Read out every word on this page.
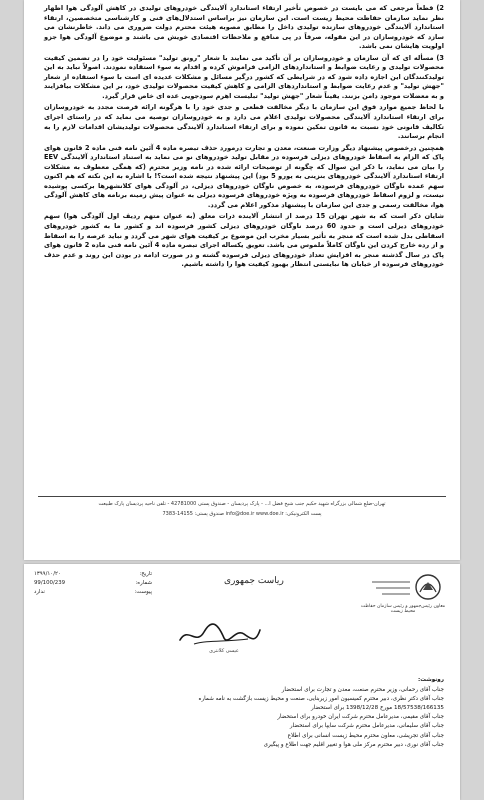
2) قطعاً مرجعی که می بایست در خصوص تأخیر ارتقاء استاندارد آلایندگی خودروهای تولیدی در کاهش آلودگی هوا اظهار نظر نماید سازمان حفاظت محیط زیست است. این سازمان نیز براساس استدلال‌های فنی و کارشناسی متخصصین، ارتقاء استاندارد آلایندگی خودروهای سازنده تولیدی داخل را مطابق مصوبه هیئت محترم دولت ضروری می داند. خاطرنشان می سازد که خودروسازان در این مقوله، صرفاً در پی منافع و ملاحظات اقتصادی خویش می باشند و موضوع آلودگی هوا جزو اولویت هایشان نمی باشد.

3) مسأله ای که آن سازمان و خودروسازان بر آن تأکید می نمایند با شعار "رونق تولید" مسئولیت خود را در تضمین کیفیت محصولات تولیدی و رعایت ضوابط و استانداردهای الزامی فراموش کرده و اقدام به سوء استفاده نمودند. اصولاً نباید به این تولیدکنندگان این اجازه داده شود که در شرایطی که کشور درگیر مسائل و مشکلات عدیده ای است با سوء استفاده از شعار "جهش تولید" و عدم رعایت ضوابط و استانداردهای الزامی و کاهش کیفیت محصولات تولیدی خود، بر این مشکلات بیافزایند و به معضلات موجود دامن بزنند. یقیناً شعار "جهش تولید" تبلیست اهرم سودجویی عده ای خاص قرار گیرد.

با لحاظ جمیع موارد فوق این سازمان با دیگر مخالفت قطعی و جدی خود را با هرگونه ارائه فرصت مجدد به خودروسازان برای ارتقاء استاندارد آلایندگی محصولات تولیدی اعلام می دارد و به خودروسازان توصیه می نماید که در راستای اجرای تکالیف قانونی خود نسبت به قانون تمکین نموده و برای ارتقاء استاندارد آلایندگی محصولات تولیدیشان اقدامات لازم را به انجام برسانند.

همچنین درخصوص پیشنهاد دیگر وزارت صنعت، معدن و تجارت درمورد حذف تبصره ماده 4 آئین نامه فنی ماده 2 قانون هوای پاک که الزام به اسقاط خودروهای دیزلی فرسوده در مقابل تولید خودروهای نو می نماید به استناد استاندارد آلایندگی EEV را بیان می نماید، با ذکر این سوال که چگونه از توضیحات ارائه شده در نامه وزیر محترم (که همگی معطوف به مشکلات ارتقاء استاندارد آلایندگی خودروهای بنزینی به یورو 5 بود) این پیشنهاد نتیجه شده است؟! با اشاره به این نکته که هم اکنون سهم عمده ناوگان خودروهای فرسوده، به خصوص ناوگان خودروهای دیزلی، در آلودگی هوای کلانشهرها برکسی پوشیده نیست، و لزوم اسقاط خودروهای فرسوده به ویژه خودروهای فرسوده دیزلی به عنوان پیش زمینه برنامه های کاهش آلودگی هوا، مخالفت رسمی و جدی این سازمان با پیشنهاد مذکور اعلام می گردد.

شایان ذکر است که به شهر تهران 15 درصد از انتشار آلاینده ذرات معلق (به عنوان متهم ردیف اول آلودگی هوا) سهم خودروهای دیزلی است و حدود 60 درصد ناوگان خودروهای دیزلی کشور فرسوده اند و کشور ما به کشور خودروهای اسقاطی بدل شده است که منجر به تأثیر بسیار مخرب این موضوع بر کیفیت هوای شهر می گردد و نباید عرصه را به اسقاط و از رده خارج کردن این ناوگان کاملاً ملموس می باشد. تعویق یکساله اجرای تبصره ماده 4 آئین نامه فنی ماده 2 قانون هوای پاک در سال گذشته منجر به افزایش تعداد خودروهای دیزلی فرسوده گشته و در صورت ادامه در بودن این روند و عدم حذف خودروهای فرسوده از خیابان ها نبایستی انتظار بهبود کیفیت هوا را داشته باشیم.

تهران-ضلع شمالی بزرگراه شهید حکیم جنب شیخ فضل ا... - پارک پردیسان - صندوق پستی 42781000 - تلفن ناحیه پردیسان پارک طبیعت
پست الکترونیکی: info@doe.ir www.doe.ir صندوق پستی: 14155-7383
تاریخ:
۱۳۹۹/۱۰/۲۰
شماره:
99/100/239
پیوست:
ندارد
ریاست جمهوری
معاون رئیس‌جمهور و رئیس سازمان حفاظت محیط زیست
عیسی کلانتری
رونوشت:
جناب آقای رحمانی، وزیر محترم صنعت، معدن و تجارت برای استحضار
جناب آقای دکتر نظری، دبیر محترم کمیسیون امور زیربنایی، صنعت و محیط زیست بازگشت به نامه شماره
18/57538/166135 مورخ 1398/12/28 برای استحضار
جناب آقای مقیمی، مدیرعامل محترم شرکت ایران خودرو برای استحضار
جناب آقای سلیمانی، مدیرعامل محترم شرکت سایپا برای استحضار
جناب آقای تجریشی، معاون محترم محیط زیست انسانی برای اطلاع
جناب آقای نوری، دبیر محترم مرکز ملی هوا و تغییر اقلیم جهت اطلاع و پیگیری
